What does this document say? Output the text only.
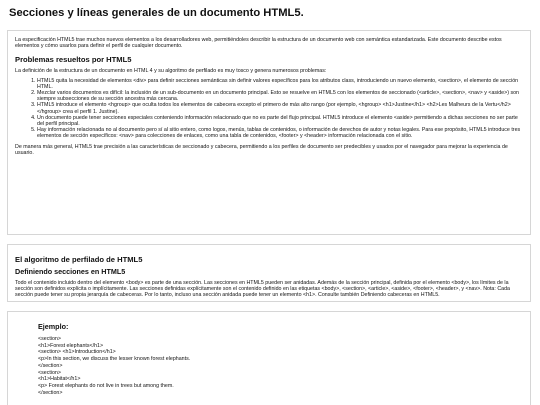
Secciones y líneas generales de un documento HTML5.

La especificación HTML5 trae muchos nuevos elementos a los desarrolladores web, permitiéndoles describir la estructura de un documento web con semántica estandarizada. Este documento describe estos elementos y cómo usarlos para definir el perfil de cualquier documento.

Problemas resueltos por HTML5

La definición de la estructura de un documento en HTML 4 y su algoritmo de perfilado es muy tosco y genera numerosos problemas:

1. HTML5 quita la necesidad de elementos <div> para definir secciones semánticas sin definir valores específicos para los atributos class, introduciendo un nuevo elemento, <section>, el elemento de sección HTML.
2. Mezclar varios documentos es difícil: la inclusión de un sub-documento en un documento principal. Esto se resuelve en HTML5 con los elementos de seccionado (<article>, <section>, <nav> y <aside>) son siempre subsecciones de su sección ancestra más cercana.
3. HTML5 introduce el elemento <hgroup> que oculta todos los elementos de cabecera excepto el primero de más alto rango (por ejemplo, <hgroup> <h1>Justine</h1> <h2>Les Malheurs de la Vertu</h2> </hgroup> crea el perfil 1. Justine).
4. Un documento puede tener secciones especiales conteniendo información relacionado que no es parte del flujo principal. HTML5 introduce el elemento <aside> permitiendo a dichas secciones no ser parte del perfil principal.
5. Hay información relacionada no al documento pero sí al sitio entero, como logos, menús, tablas de contenidos, o información de derechos de autor y notas legales. Para ese propósito, HTML5 introduce tres elementos de sección específicos: <nav> para colecciones de enlaces, como una tabla de contenidos, <footer> y <header> información relacionada con el sitio.

De manera más general, HTML5 trae precisión a las características de seccionado y cabecera, permitiendo a los perfiles de documento ser predecibles y usados por el navegador para mejorar la experiencia de usuario.

El algoritmo de perfilado de HTML5

Definiendo secciones en HTML5

Todo el contenido incluido dentro del elemento <body> es parte de una sección. Las secciones en HTML5 pueden ser anidadas. Además de la sección principal, definida por el elemento <body>, los límites de la sección son definidos explícita o implícitamente. Las secciones definidas explícitamente son el contenido definido en las etiquetas <body>, <section>, <article>, <aside>, <footer>, <header>, y <nav>. Nota: Cada sección puede tener su propia jerarquía de cabeceras. Por lo tanto, incluso una sección anidada puede tener un elemento <h1>. Consulte también Definiendo cabeceras en HTML5.

Ejemplo:

<section>

<h1>Forest elephants</h1>

<section> <h1>Introduction</h1>

<p>In this section, we discuss the lesser known forest elephants.

</section>

<section>

<h1>Habitat</h1>

<p> Forest elephants do not live in trees but among them.

</section>
